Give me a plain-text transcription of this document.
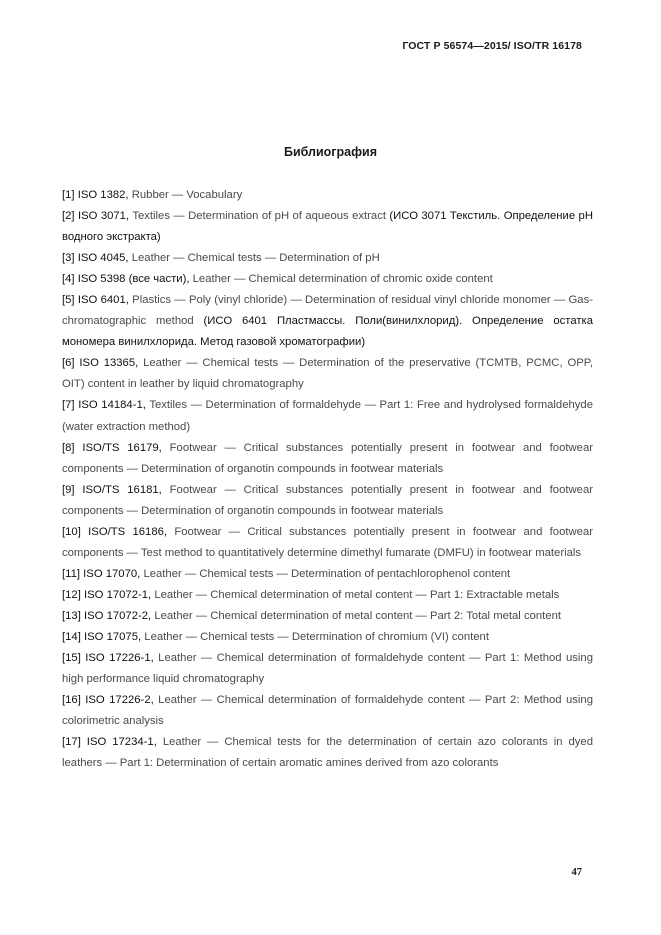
ГОСТ Р 56574—2015/ ISO/TR 16178
Библиография

[1] ISO 1382, Rubber — Vocabulary

[2] ISO 3071, Textiles — Determination of pH of aqueous extract (ИСО 3071 Текстиль. Определение pH водного экстракта)

[3] ISO 4045, Leather — Chemical tests — Determination of pH

[4] ISO 5398 (все части), Leather — Chemical determination of chromic oxide content

[5] ISO 6401, Plastics — Poly (vinyl chloride) — Determination of residual vinyl chloride monomer — Gas-chromatographic method (ИСО 6401 Пластмассы. Поли(винилхлорид). Определение остатка мономера винилхлорида. Метод газовой хроматографии)

[6] ISO 13365, Leather — Chemical tests — Determination of the preservative (TCMTB, PCMC, OPP, OIT) content in leather by liquid chromatography

[7] ISO 14184-1, Textiles — Determination of formaldehyde — Part 1: Free and hydrolysed formaldehyde (water extraction method)

[8] ISO/TS 16179, Footwear — Critical substances potentially present in footwear and footwear components — Determination of organotin compounds in footwear materials

[9] ISO/TS 16181, Footwear — Critical substances potentially present in footwear and footwear components — Determination of organotin compounds in footwear materials

[10] ISO/TS 16186, Footwear — Critical substances potentially present in footwear and footwear components — Test method to quantitatively determine dimethyl fumarate (DMFU) in footwear materials

[11] ISO 17070, Leather — Chemical tests — Determination of pentachlorophenol content

[12] ISO 17072-1, Leather — Chemical determination of metal content — Part 1: Extractable metals

[13] ISO 17072-2, Leather — Chemical determination of metal content — Part 2: Total metal content

[14] ISO 17075, Leather — Chemical tests — Determination of chromium (VI) content

[15] ISO 17226-1, Leather — Chemical determination of formaldehyde content — Part 1: Method using high performance liquid chromatography

[16] ISO 17226-2, Leather — Chemical determination of formaldehyde content — Part 2: Method using colorimetric analysis

[17] ISO 17234-1, Leather — Chemical tests for the determination of certain azo colorants in dyed leathers — Part 1: Determination of certain aromatic amines derived from azo colorants

47
